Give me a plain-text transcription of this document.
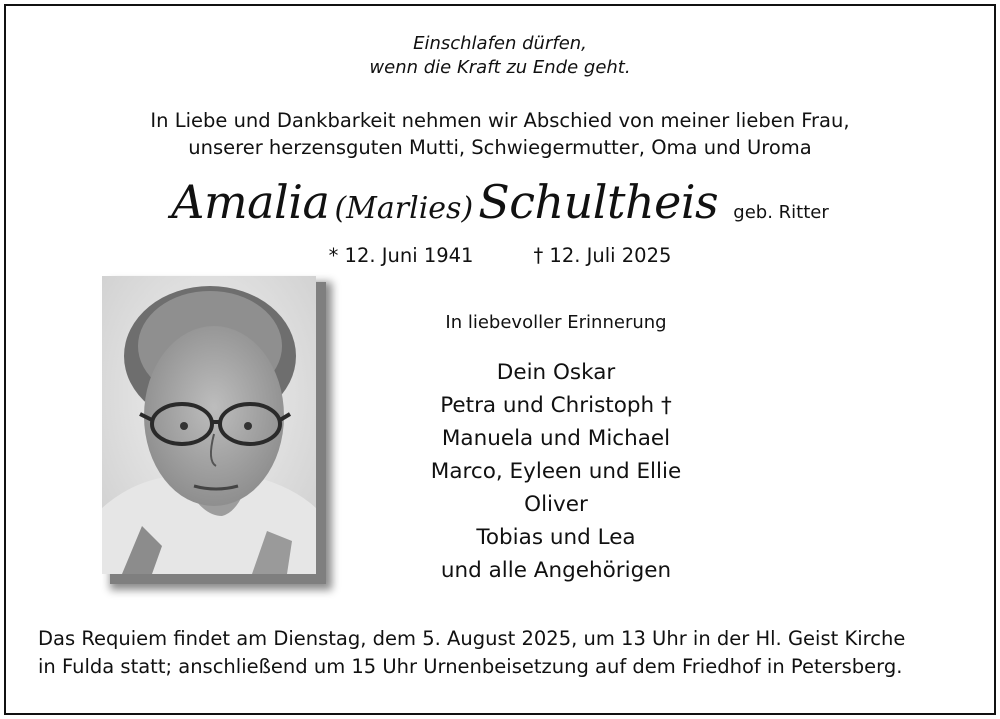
Einschlafen dürfen,
wenn die Kraft zu Ende geht.
In Liebe und Dankbarkeit nehmen wir Abschied von meiner lieben Frau,
unserer herzensguten Mutti, Schwiegermutter, Oma und Uroma
Amalia (Marlies) Schultheis geb. Ritter
* 12. Juni 1941	† 12. Juli 2025
In liebevoller Erinnerung
Dein Oskar
Petra und Christoph †
Manuela und Michael
Marco, Eyleen und Ellie
Oliver
Tobias und Lea
und alle Angehörigen
Das Requiem findet am Dienstag, dem 5. August 2025, um 13 Uhr in der Hl. Geist Kirche
in Fulda statt; anschließend um 15 Uhr Urnenbeisetzung auf dem Friedhof in Petersberg.
